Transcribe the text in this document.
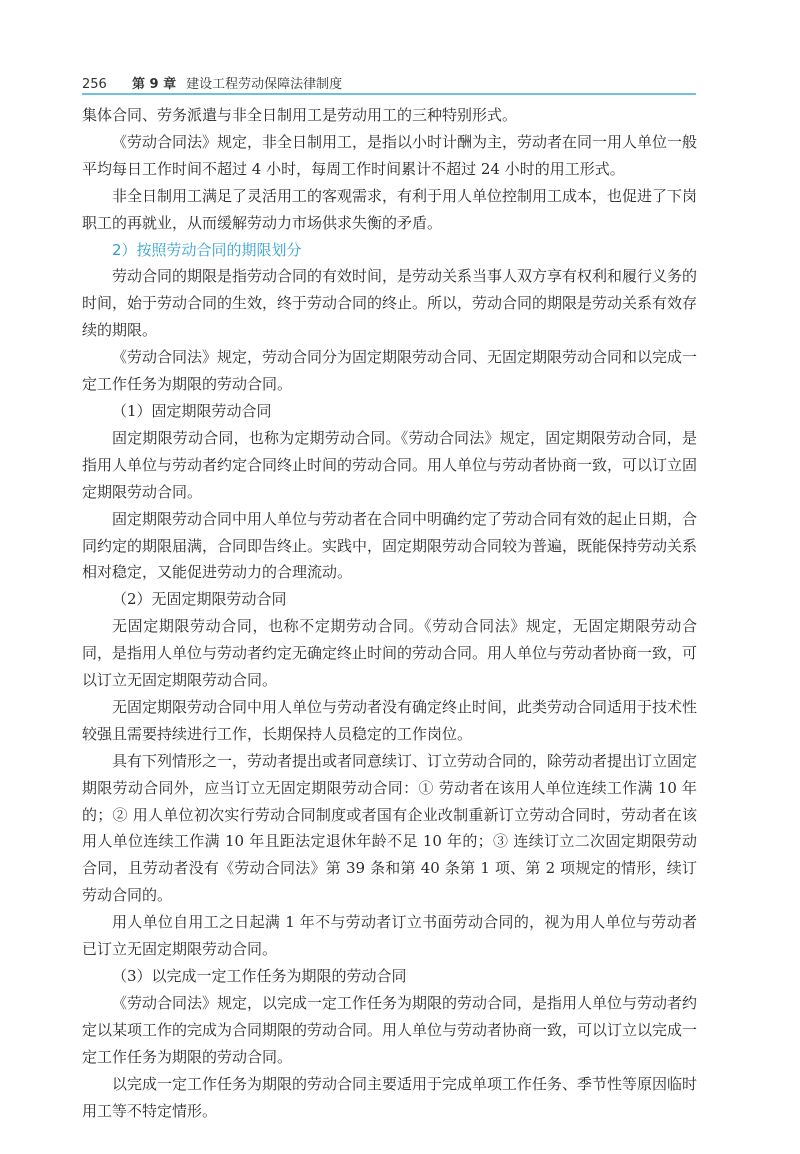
256	第 9 章 建设工程劳动保障法律制度

集体合同、劳务派遣与非全日制用工是劳动用工的三种特别形式。

《劳动合同法》规定，非全日制用工，是指以小时计酬为主，劳动者在同一用人单位一般平均每日工作时间不超过 4 小时，每周工作时间累计不超过 24 小时的用工形式。

非全日制用工满足了灵活用工的客观需求，有利于用人单位控制用工成本，也促进了下岗职工的再就业，从而缓解劳动力市场供求失衡的矛盾。

2）按照劳动合同的期限划分

劳动合同的期限是指劳动合同的有效时间，是劳动关系当事人双方享有权利和履行义务的时间，始于劳动合同的生效，终于劳动合同的终止。所以，劳动合同的期限是劳动关系有效存续的期限。

《劳动合同法》规定，劳动合同分为固定期限劳动合同、无固定期限劳动合同和以完成一定工作任务为期限的劳动合同。

（1）固定期限劳动合同

固定期限劳动合同，也称为定期劳动合同。《劳动合同法》规定，固定期限劳动合同，是指用人单位与劳动者约定合同终止时间的劳动合同。用人单位与劳动者协商一致，可以订立固定期限劳动合同。

固定期限劳动合同中用人单位与劳动者在合同中明确约定了劳动合同有效的起止日期，合同约定的期限届满，合同即告终止。实践中，固定期限劳动合同较为普遍，既能保持劳动关系相对稳定，又能促进劳动力的合理流动。

（2）无固定期限劳动合同

无固定期限劳动合同，也称不定期劳动合同。《劳动合同法》规定，无固定期限劳动合同，是指用人单位与劳动者约定无确定终止时间的劳动合同。用人单位与劳动者协商一致，可以订立无固定期限劳动合同。

无固定期限劳动合同中用人单位与劳动者没有确定终止时间，此类劳动合同适用于技术性较强且需要持续进行工作，长期保持人员稳定的工作岗位。

具有下列情形之一，劳动者提出或者同意续订、订立劳动合同的，除劳动者提出订立固定期限劳动合同外，应当订立无固定期限劳动合同：① 劳动者在该用人单位连续工作满 10 年的；② 用人单位初次实行劳动合同制度或者国有企业改制重新订立劳动合同时，劳动者在该用人单位连续工作满 10 年且距法定退休年龄不足 10 年的；③ 连续订立二次固定期限劳动合同，且劳动者没有《劳动合同法》第 39 条和第 40 条第 1 项、第 2 项规定的情形，续订劳动合同的。

用人单位自用工之日起满 1 年不与劳动者订立书面劳动合同的，视为用人单位与劳动者已订立无固定期限劳动合同。

（3）以完成一定工作任务为期限的劳动合同

《劳动合同法》规定，以完成一定工作任务为期限的劳动合同，是指用人单位与劳动者约定以某项工作的完成为合同期限的劳动合同。用人单位与劳动者协商一致，可以订立以完成一定工作任务为期限的劳动合同。

以完成一定工作任务为期限的劳动合同主要适用于完成单项工作任务、季节性等原因临时用工等不特定情形。
